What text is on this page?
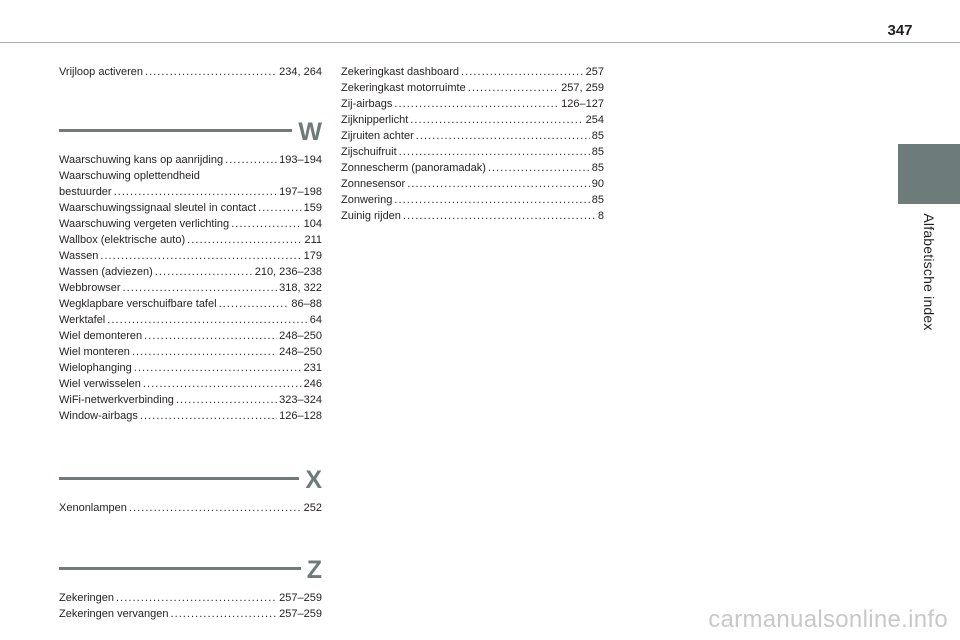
347
Alfabetische index
Vrijloop activeren . . .	234, 264
W
Waarschuwing kans op aanrijding . . .	193–194
Waarschuwing oplettendheid
bestuurder . . .	197–198
Waarschuwingssignaal sleutel in contact . . .	159
Waarschuwing vergeten verlichting . . .	104
Wallbox (elektrische auto) . . .	211
Wassen . . .	179
Wassen (adviezen) . . .	210, 236–238
Webbrowser . . .	318, 322
Wegklapbare verschuifbare tafel . . .	86–88
Werktafel . . .	64
Wiel demonteren . . .	248–250
Wiel monteren . . .	248–250
Wielophanging . . .	231
Wiel verwisselen . . .	246
WiFi-netwerkverbinding . . .	323–324
Window-airbags . . .	126–128
X
Xenonlampen . . .	252
Z
Zekeringen . . .	257–259
Zekeringen vervangen . . .	257–259
Zekeringkast dashboard . . .	257
Zekeringkast motorruimte . . .	257, 259
Zij-airbags . . .	126–127
Zijknipperlicht . . .	254
Zijruiten achter . . .	85
Zijschuifruit . . .	85
Zonnescherm (panoramadak) . . .	85
Zonnesensor . . .	90
Zonwering . . .	85
Zuinig rijden . . .	8
carmanualsonline.info
